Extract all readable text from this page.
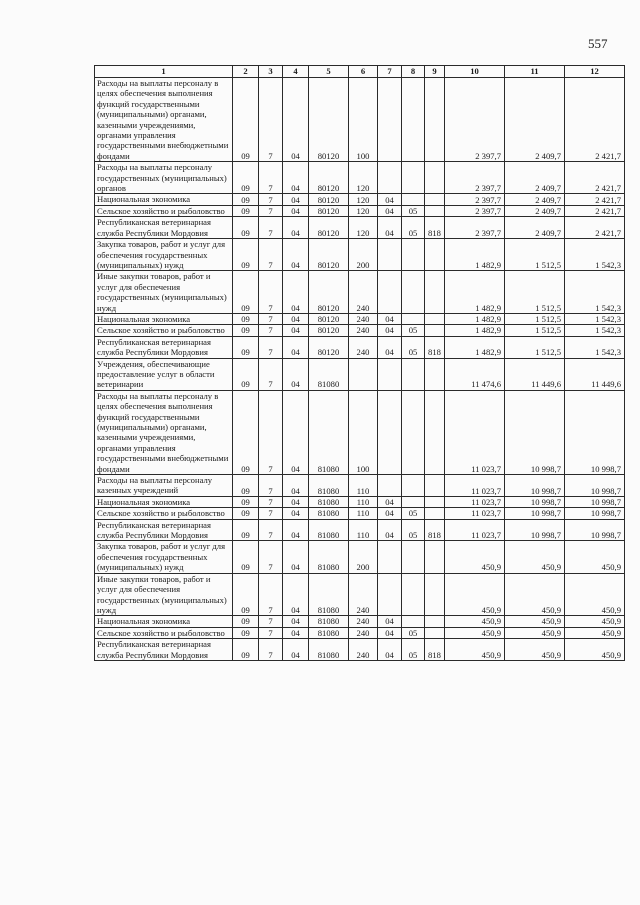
557
1	2	3	4	5	6	7	8	9	10	11	12
Расходы на выплаты персоналу в целях обеспечения выполнения функций государственными (муниципальными) органами, казенными учреждениями, органами управления государственными внебюджетными фондами	09	7	04	80120	100				2 397,7	2 409,7	2 421,7
Расходы на выплаты персоналу государственных (муниципальных) органов	09	7	04	80120	120				2 397,7	2 409,7	2 421,7
Национальная экономика	09	7	04	80120	120	04			2 397,7	2 409,7	2 421,7
Сельское хозяйство и рыболовство	09	7	04	80120	120	04	05		2 397,7	2 409,7	2 421,7
Республиканская ветеринарная служба Республики Мордовия	09	7	04	80120	120	04	05	818	2 397,7	2 409,7	2 421,7
Закупка товаров, работ и услуг для обеспечения государственных (муниципальных) нужд	09	7	04	80120	200				1 482,9	1 512,5	1 542,3
Иные закупки товаров, работ и услуг для обеспечения государственных (муниципальных) нужд	09	7	04	80120	240				1 482,9	1 512,5	1 542,3
Национальная экономика	09	7	04	80120	240	04			1 482,9	1 512,5	1 542,3
Сельское хозяйство и рыболовство	09	7	04	80120	240	04	05		1 482,9	1 512,5	1 542,3
Республиканская ветеринарная служба Республики Мордовия	09	7	04	80120	240	04	05	818	1 482,9	1 512,5	1 542,3
Учреждения, обеспечивающие предоставление услуг в области ветеринарии	09	7	04	81080					11 474,6	11 449,6	11 449,6
Расходы на выплаты персоналу в целях обеспечения выполнения функций государственными (муниципальными) органами, казенными учреждениями, органами управления государственными внебюджетными фондами	09	7	04	81080	100				11 023,7	10 998,7	10 998,7
Расходы на выплаты персоналу казенных учреждений	09	7	04	81080	110				11 023,7	10 998,7	10 998,7
Национальная экономика	09	7	04	81080	110	04			11 023,7	10 998,7	10 998,7
Сельское хозяйство и рыболовство	09	7	04	81080	110	04	05		11 023,7	10 998,7	10 998,7
Республиканская ветеринарная служба Республики Мордовия	09	7	04	81080	110	04	05	818	11 023,7	10 998,7	10 998,7
Закупка товаров, работ и услуг для обеспечения государственных (муниципальных) нужд	09	7	04	81080	200				450,9	450,9	450,9
Иные закупки товаров, работ и услуг для обеспечения государственных (муниципальных) нужд	09	7	04	81080	240				450,9	450,9	450,9
Национальная экономика	09	7	04	81080	240	04			450,9	450,9	450,9
Сельское хозяйство и рыболовство	09	7	04	81080	240	04	05		450,9	450,9	450,9
Республиканская ветеринарная служба Республики Мордовия	09	7	04	81080	240	04	05	818	450,9	450,9	450,9
